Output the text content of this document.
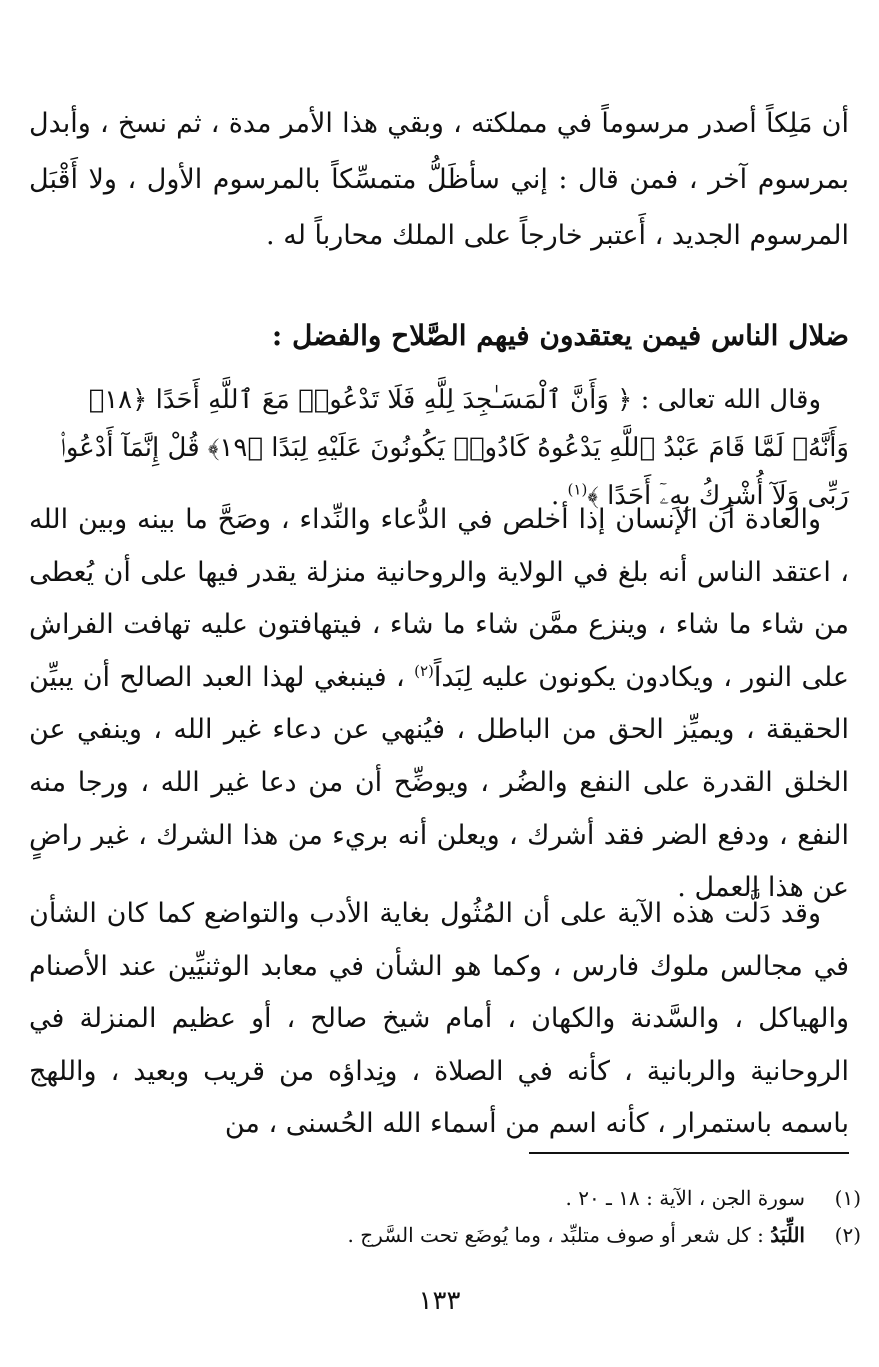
أن مَلِكاً أصدر مرسوماً في مملكته ، وبقي هذا الأمر مدة ، ثم نسخ ، وأبدل بمرسوم آخر ، فمن قال : إني سأظَلُّ متمسِّكاً بالمرسوم الأول ، ولا أَقْبَل المرسوم الجديد ، أَعتبر خارجاً على الملك محارباً له .
ضلال الناس فيمن يعتقدون فيهم الصَّلاح والفضل :
وقال الله تعالى : ﴿ وَأَنَّ ٱلْمَسَـٰجِدَ لِلَّهِ فَلَا تَدْعُوا۟ مَعَ ٱللَّهِ أَحَدًا ﴿١٨﴾ وَأَنَّهُۥ لَمَّا قَامَ عَبْدُ ٱللَّهِ يَدْعُوهُ كَادُوا۟ يَكُونُونَ عَلَيْهِ لِبَدًا ﴿١٩﴾ قُلْ إِنَّمَآ أَدْعُوا۟ رَبِّى وَلَآ أُشْرِكُ بِهِۦٓ أَحَدًا ﴾$^{(١)}$ .
والعادة أن الإنسان إذا أخلص في الدُّعاء والنِّداء ، وصَحَّ ما بينه وبين الله ، اعتقد الناس أنه بلغ في الولاية والروحانية منزلة يقدر فيها على أن يُعطى من شاء ما شاء ، وينزع ممَّن شاء ما شاء ، فيتهافتون عليه تهافت الفراش على النور ، ويكادون يكونون عليه لِبَداً$^{(٢)}$ ، فينبغي لهذا العبد الصالح أن يبيِّن الحقيقة ، ويميِّز الحق من الباطل ، فيُنهي عن دعاء غير الله ، وينفي عن الخلق القدرة على النفع والضُر ، ويوضِّح أن من دعا غير الله ، ورجا منه النفع ، ودفع الضر فقد أشرك ، ويعلن أنه بريء من هذا الشرك ، غير راضٍ عن هذا العمل .
وقد دَلَّت هذه الآية على أن المُثُول بغاية الأدب والتواضع كما كان الشأن في مجالس ملوك فارس ، وكما هو الشأن في معابد الوثنيِّين عند الأصنام والهياكل ، والسَّدنة والكهان ، أمام شيخ صالح ، أو عظيم المنزلة في الروحانية والربانية ، كأنه في الصلاة ، ونِداؤه من قريب وبعيد ، واللهج باسمه باستمرار ، كأنه اسم من أسماء الله الحُسنى ، من
(١)سورة الجن ، الآية : ١٨ ـ ٢٠ .
(٢)اللِّبَدُ : كل شعر أو صوف متلبِّد ، وما يُوضَع تحت السَّرج .
١٣٣
